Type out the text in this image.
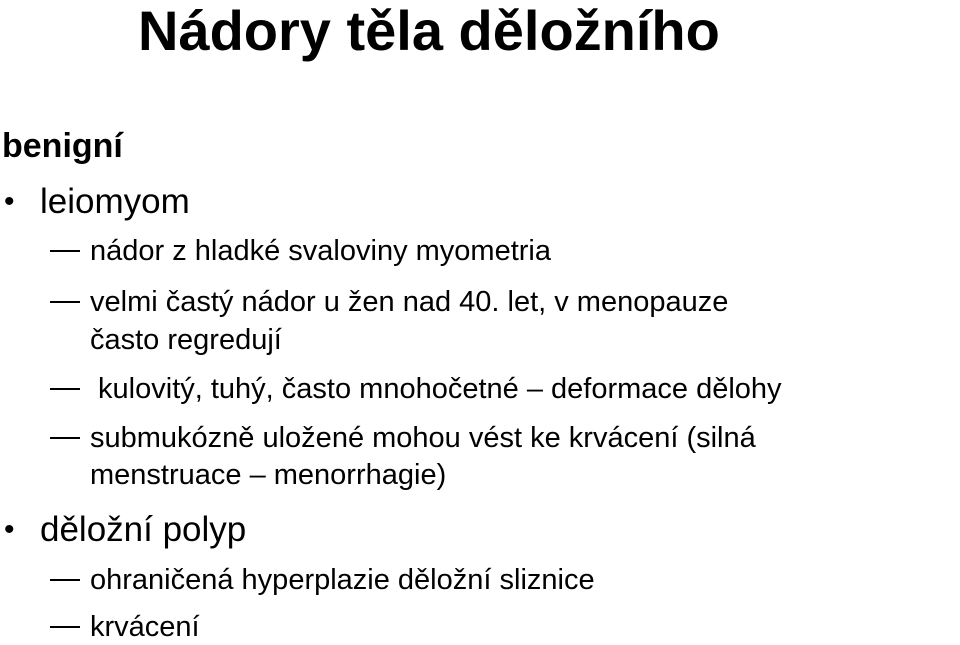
Nádory těla děložního
benigní
• leiomyom
nádor z hladké svaloviny myometria
velmi častý nádor u žen nad 40. let, v menopauze
často regredují
kulovitý, tuhý, často mnohočetné – deformace dělohy
submukózně uložené mohou vést ke krvácení (silná
menstruace – menorrhagie)
• děložní polyp
ohraničená hyperplazie děložní sliznice
krvácení
